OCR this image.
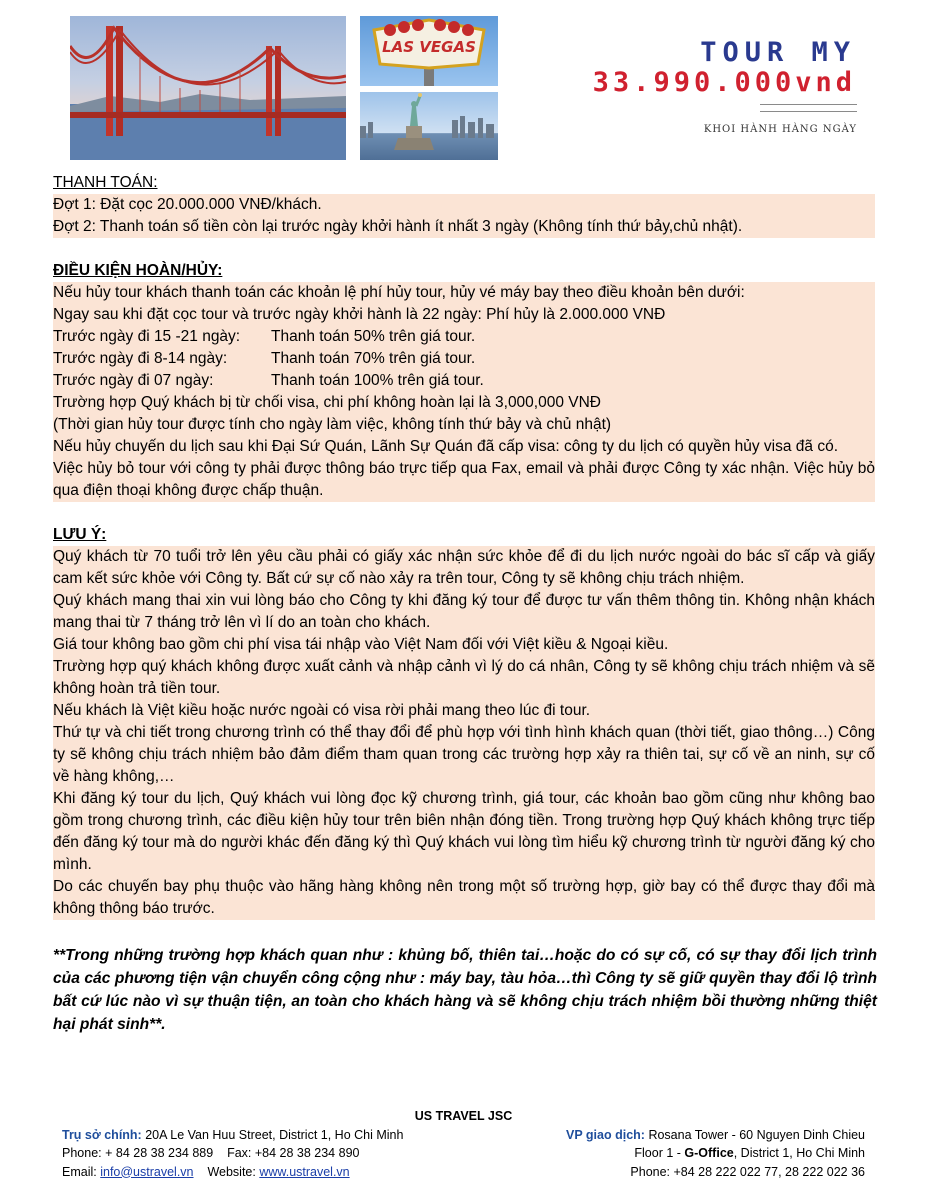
LAS VEGAS	TOUR MY
33.990.000vnd
KHOI HÀNH HÀNG NGÀY
THANH TOÁN:

Đợt 1: Đặt cọc 20.000.000 VNĐ/khách.

Đợt 2: Thanh toán số tiền còn lại trước ngày khởi hành ít nhất 3 ngày (Không tính thứ bảy,chủ nhật).

ĐIỀU KIỆN HOÀN/HỦY:

Nếu hủy tour khách thanh toán các khoản lệ phí hủy tour, hủy vé máy bay theo điều khoản bên dưới:

Ngay sau khi đặt cọc tour và trước ngày khởi hành là 22 ngày: Phí hủy là 2.000.000 VNĐ

Trước ngày đi 15 -21 ngày:	Thanh toán 50% trên giá tour.
Trước ngày đi 8-14 ngày:	Thanh toán 70% trên giá tour.
Trước ngày đi 07 ngày:	Thanh toán 100% trên giá tour.

Trường hợp Quý khách bị từ chối visa, chi phí không hoàn lại là 3,000,000 VNĐ

(Thời gian hủy tour được tính cho ngày làm việc, không tính thứ bảy và chủ nhật)

Nếu hủy chuyến du lịch sau khi Đại Sứ Quán, Lãnh Sự Quán đã cấp visa: công ty du lịch có quyền hủy visa đã có.

Việc hủy bỏ tour với công ty phải được thông báo trực tiếp qua Fax, email và phải được Công ty xác nhận. Việc hủy bỏ qua điện thoại không được chấp thuận.

LƯU Ý:

Quý khách từ 70 tuổi trở lên yêu cầu phải có giấy xác nhận sức khỏe để đi du lịch nước ngoài do bác sĩ cấp và giấy cam kết sức khỏe với Công ty. Bất cứ sự cố nào xảy ra trên tour, Công ty sẽ không chịu trách nhiệm.

Quý khách mang thai xin vui lòng báo cho Công ty khi đăng ký tour để được tư vấn thêm thông tin. Không nhận khách mang thai từ 7 tháng trở lên vì lí do an toàn cho khách.

Giá tour không bao gồm chi phí visa tái nhập vào Việt Nam đối với Việt kiều & Ngoại kiều.

Trường hợp quý khách không được xuất cảnh và nhập cảnh vì lý do cá nhân, Công ty sẽ không chịu trách nhiệm và sẽ không hoàn trả tiền tour.

Nếu khách là Việt kiều hoặc nước ngoài có visa rời phải mang theo lúc đi tour.

Thứ tự và chi tiết trong chương trình có thể thay đổi để phù hợp với tình hình khách quan (thời tiết, giao thông…) Công ty sẽ không chịu trách nhiệm bảo đảm điểm tham quan trong các trường hợp xảy ra thiên tai, sự cố về an ninh, sự cố về hàng không,…

Khi đăng ký tour du lịch, Quý khách vui lòng đọc kỹ chương trình, giá tour, các khoản bao gồm cũng như không bao gồm trong chương trình, các điều kiện hủy tour trên biên nhận đóng tiền. Trong trường hợp Quý khách không trực tiếp đến đăng ký tour mà do người khác đến đăng ký thì Quý khách vui lòng tìm hiểu kỹ chương trình từ người đăng ký cho mình.

Do các chuyến bay phụ thuộc vào hãng hàng không nên trong một số trường hợp, giờ bay có thể được thay đổi mà không thông báo trước.

**Trong những trường hợp khách quan như : khủng bố, thiên tai…hoặc do có sự cố, có sự thay đổi lịch trình của các phương tiện vận chuyển công cộng như : máy bay, tàu hỏa…thì Công ty sẽ giữ quyền thay đổi lộ trình bất cứ lúc nào vì sự thuận tiện, an toàn cho khách hàng và sẽ không chịu trách nhiệm bồi thường những thiệt hại phát sinh**.
US TRAVEL JSC
Trụ sở chính: 20A Le Van Huu Street, District 1, Ho Chi Minh
Phone: + 84 28 38 234 889    Fax: +84 28 38 234 890
Email: info@ustravel.vn Website: www.ustravel.vn
VP giao dịch: Rosana Tower - 60 Nguyen Dinh Chieu
Floor 1 - G-Office, District 1, Ho Chi Minh
Phone: +84 28 222 022 77, 28 222 022 36
